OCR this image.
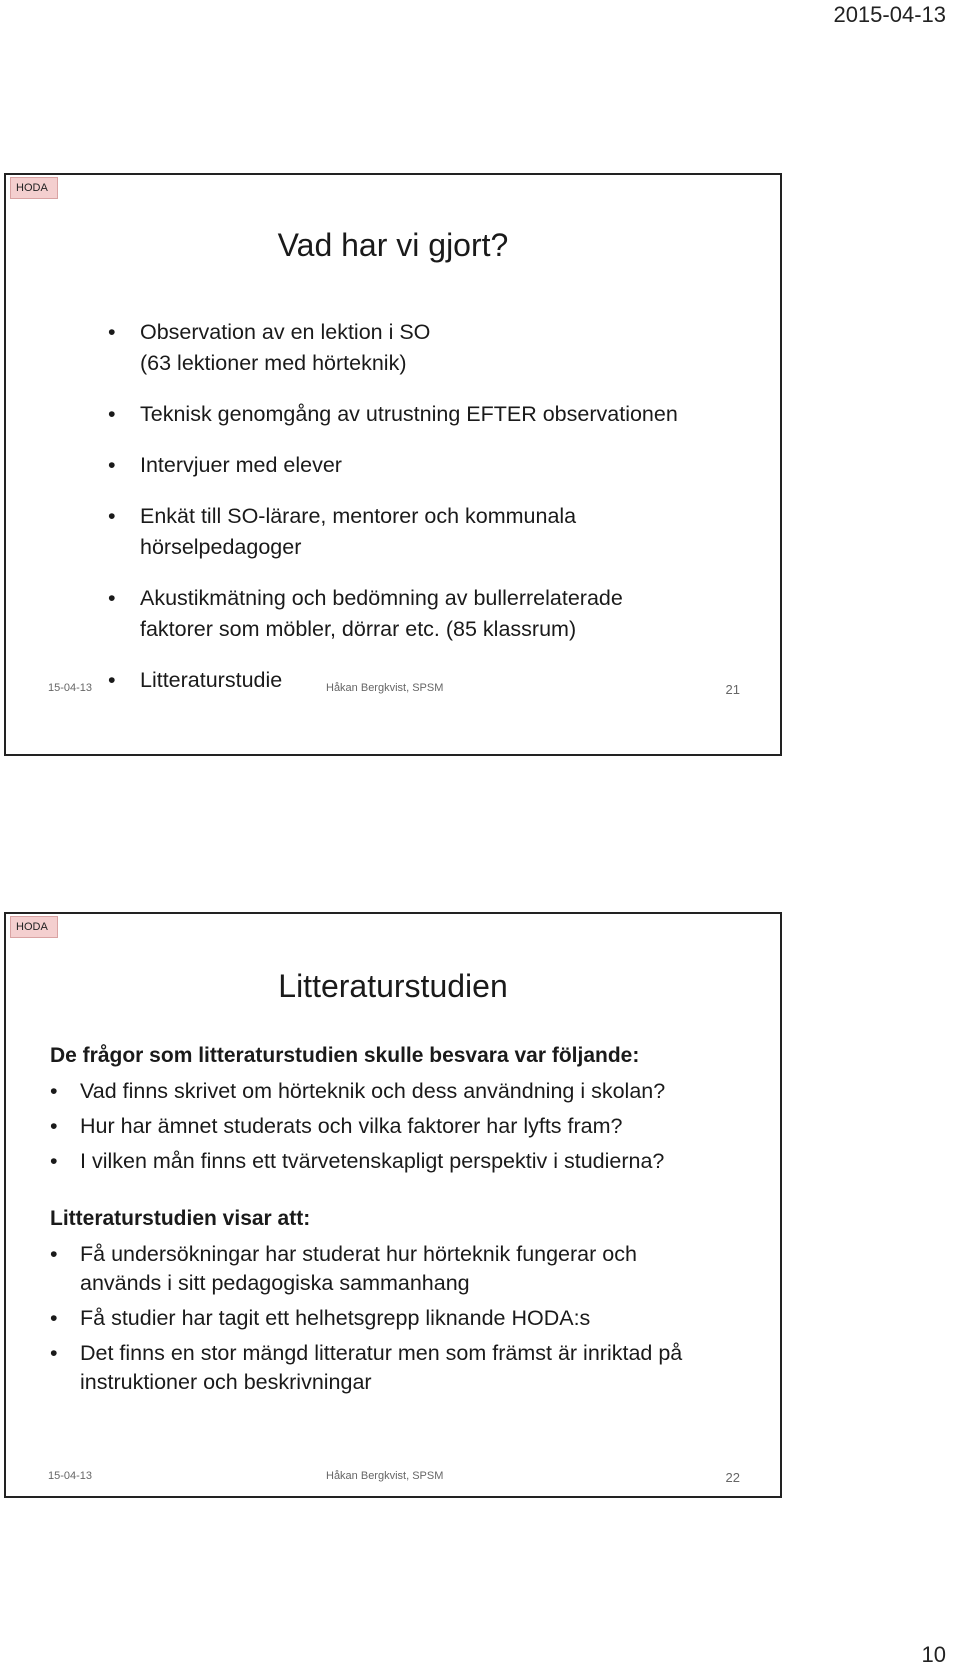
2015-04-13
HODA
Vad har vi gjort?
• Observation av en lektion i SO (63 lektioner med hörteknik)
• Teknisk genomgång av utrustning EFTER observationen
• Intervjuer med elever
• Enkät till SO-lärare, mentorer och kommunala hörselpedagoger
• Akustikmätning och bedömning av bullerrelaterade faktorer som möbler, dörrar etc. (85 klassrum)
• Litteraturstudie
15-04-13	Håkan Bergkvist, SPSM	21
HODA
Litteraturstudien
De frågor som litteraturstudien skulle besvara var följande:
• Vad finns skrivet om hörteknik och dess användning i skolan?
• Hur har ämnet studerats och vilka faktorer har lyfts fram?
• I vilken mån finns ett tvärvetenskapligt perspektiv i studierna?
Litteraturstudien visar att:
• Få undersökningar har studerat hur hörteknik fungerar och används i sitt pedagogiska sammanhang
• Få studier har tagit ett helhetsgrepp liknande HODA:s
• Det finns en stor mängd litteratur men som främst är inriktad på instruktioner och beskrivningar
15-04-13	Håkan Bergkvist, SPSM	22
10
